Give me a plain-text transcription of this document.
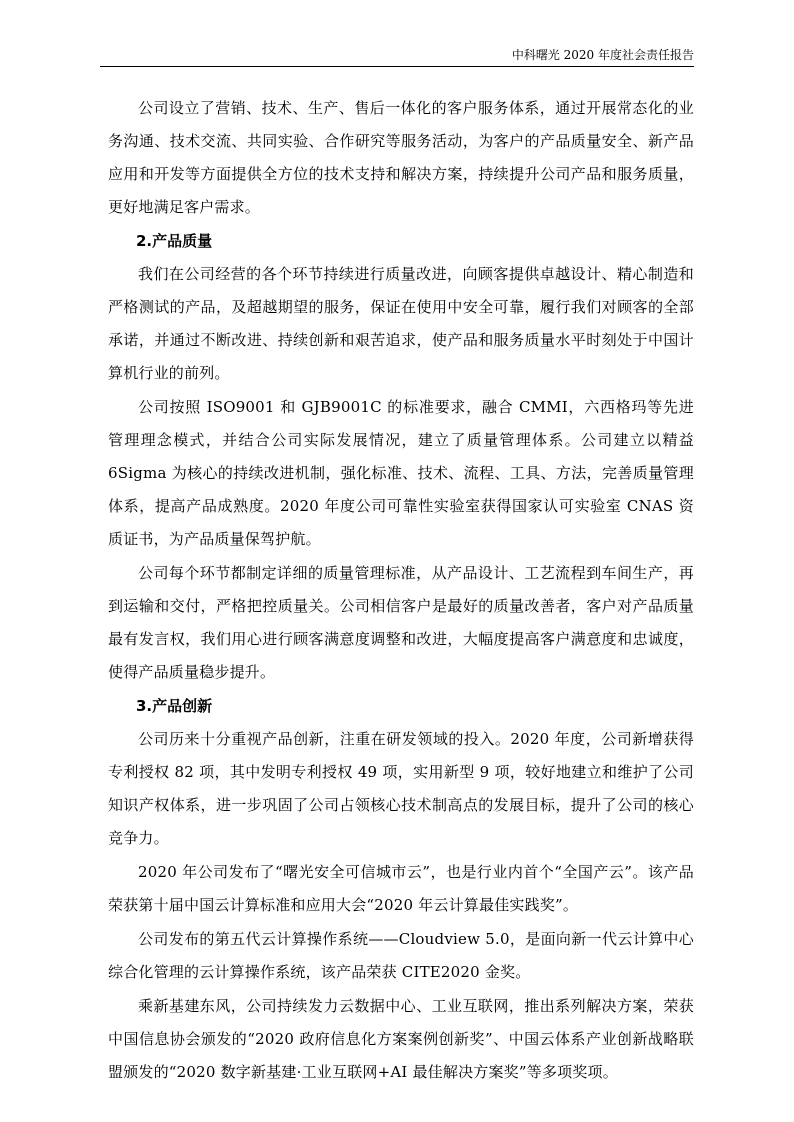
中科曙光 2020 年度社会责任报告

公司设立了营销、技术、生产、售后一体化的客户服务体系，通过开展常态化的业务沟通、技术交流、共同实验、合作研究等服务活动，为客户的产品质量安全、新产品应用和开发等方面提供全方位的技术支持和解决方案，持续提升公司产品和服务质量，更好地满足客户需求。

2.产品质量

我们在公司经营的各个环节持续进行质量改进，向顾客提供卓越设计、精心制造和严格测试的产品，及超越期望的服务，保证在使用中安全可靠，履行我们对顾客的全部承诺，并通过不断改进、持续创新和艰苦追求，使产品和服务质量水平时刻处于中国计算机行业的前列。

公司按照 ISO9001 和 GJB9001C 的标准要求，融合 CMMI，六西格玛等先进管理理念模式，并结合公司实际发展情况，建立了质量管理体系。公司建立以精益6Sigma 为核心的持续改进机制，强化标准、技术、流程、工具、方法，完善质量管理体系，提高产品成熟度。2020 年度公司可靠性实验室获得国家认可实验室 CNAS 资质证书，为产品质量保驾护航。

公司每个环节都制定详细的质量管理标准，从产品设计、工艺流程到车间生产，再到运输和交付，严格把控质量关。公司相信客户是最好的质量改善者，客户对产品质量最有发言权，我们用心进行顾客满意度调整和改进，大幅度提高客户满意度和忠诚度，使得产品质量稳步提升。

3.产品创新

公司历来十分重视产品创新，注重在研发领域的投入。2020 年度，公司新增获得专利授权 82 项，其中发明专利授权 49 项，实用新型 9 项，较好地建立和维护了公司知识产权体系，进一步巩固了公司占领核心技术制高点的发展目标，提升了公司的核心竞争力。

2020 年公司发布了“曙光安全可信城市云”，也是行业内首个“全国产云”。该产品荣获第十届中国云计算标准和应用大会“2020 年云计算最佳实践奖”。

公司发布的第五代云计算操作系统——Cloudview 5.0，是面向新一代云计算中心综合化管理的云计算操作系统，该产品荣获 CITE2020 金奖。

乘新基建东风，公司持续发力云数据中心、工业互联网，推出系列解决方案，荣获中国信息协会颁发的“2020 政府信息化方案案例创新奖”、中国云体系产业创新战略联盟颁发的“2020 数字新基建·工业互联网+AI 最佳解决方案奖”等多项奖项。
